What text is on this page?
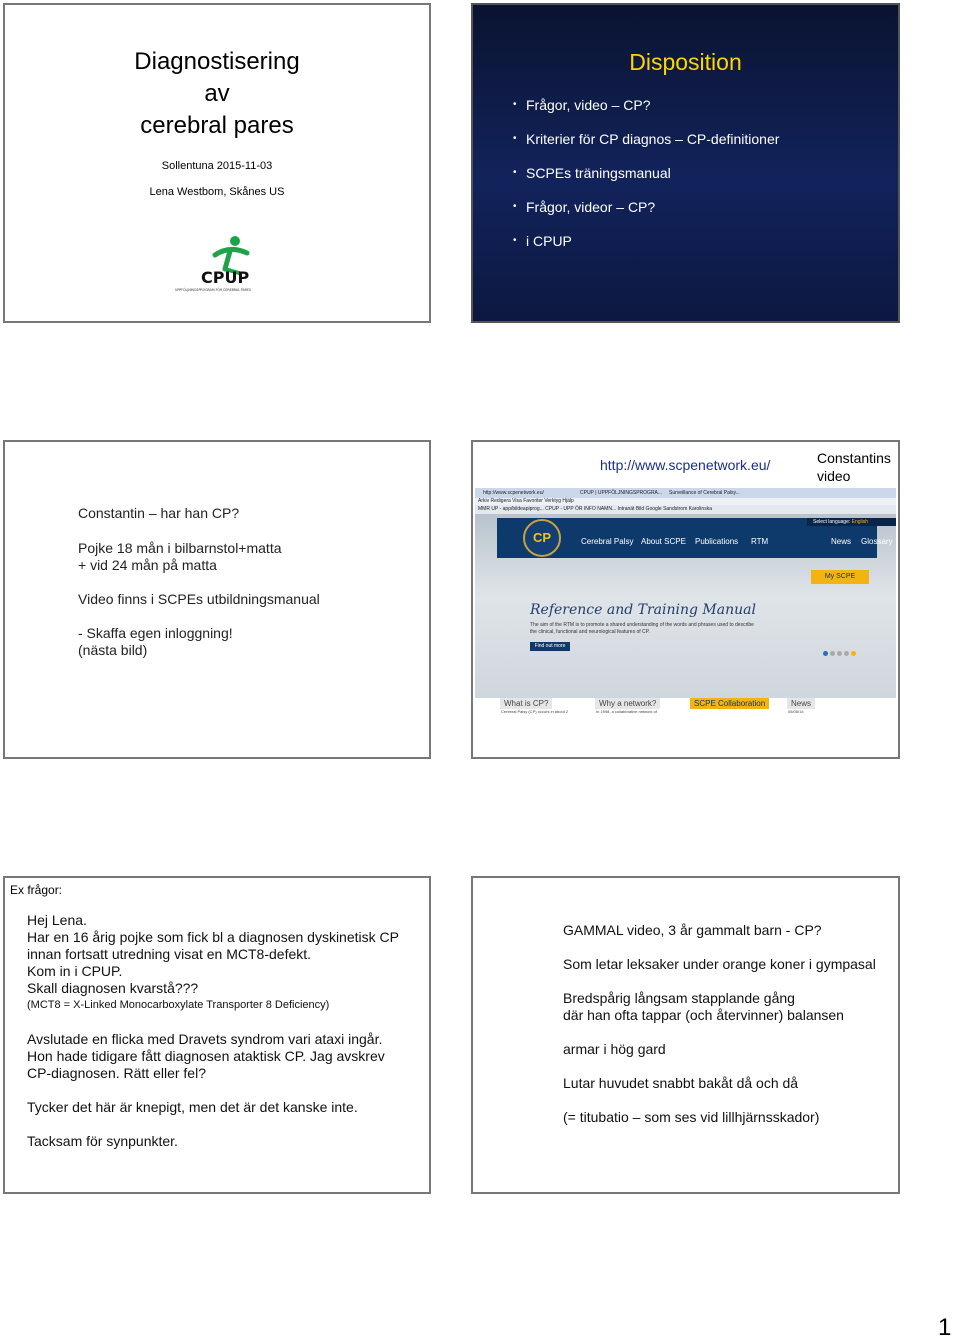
Diagnostisering
av
cerebral pares
Sollentuna 2015-11-03
Lena Westbom, Skånes US
CPUP
UPPFÖLJNINGSPROGRAM FÖR CEREBRAL PARES
Disposition
• Frågor, video – CP?
• Kriterier för CP diagnos – CP-definitioner
• SCPEs träningsmanual
• Frågor, videor – CP?
• i CPUP
Constantin – har han CP?
Pojke 18 mån i bilbarnstol+matta
+ vid 24 mån på matta
Video finns i SCPEs utbildningsmanual
- Skaffa egen inloggning!
(nästa bild)
http://www.scpenetwork.eu/	Constantins
video
http://www.scpenetwork.eu/	CPUP | UPPFÖLJNINGSPROGRA... Surveillance of Cerebral Palsy...
Arkiv Redigera Visa Favoriter Verktyg Hjälp
MMR UP - app/bildeapiprog... CPUP - UPP ÖR INFO NAMN... Intranät Bild Google Sandstrom Karolinska
Select language: English
CP	Cerebral Palsy About SCPE Publications RTM	News Glossary
My SCPE
Reference and Training Manual
The aim of the RTM is to promote a shared understanding of the words and phrases used to describe the clinical, functional and neurological features of CP.
Find out more
What is CP?	Why a network?	SCPE Collaboration	News
Cerebral Palsy (CP) occurs in about 2	In 1998, a collaborative network of	05/08/14
Ex frågor:
Hej Lena.
Har en 16 årig pojke som fick bl a diagnosen dyskinetisk CP
innan fortsatt utredning visat en MCT8-defekt.
Kom in i CPUP.
Skall diagnosen kvarstå???
(MCT8 = X-Linked Monocarboxylate Transporter 8 Deficiency)
Avslutade en flicka med Dravets syndrom vari ataxi ingår.
Hon hade tidigare fått diagnosen ataktisk CP. Jag avskrev
CP-diagnosen. Rätt eller fel?
Tycker det här är knepigt, men det är det kanske inte.
Tacksam för synpunkter.
GAMMAL video, 3 år gammalt barn - CP?
Som letar leksaker under orange koner i gympasal
Bredspårig långsam stapplande gång
där han ofta tappar (och återvinner) balansen
armar i hög gard
Lutar huvudet snabbt bakåt då och då
(= titubatio – som ses vid lillhjärnsskador)
1
